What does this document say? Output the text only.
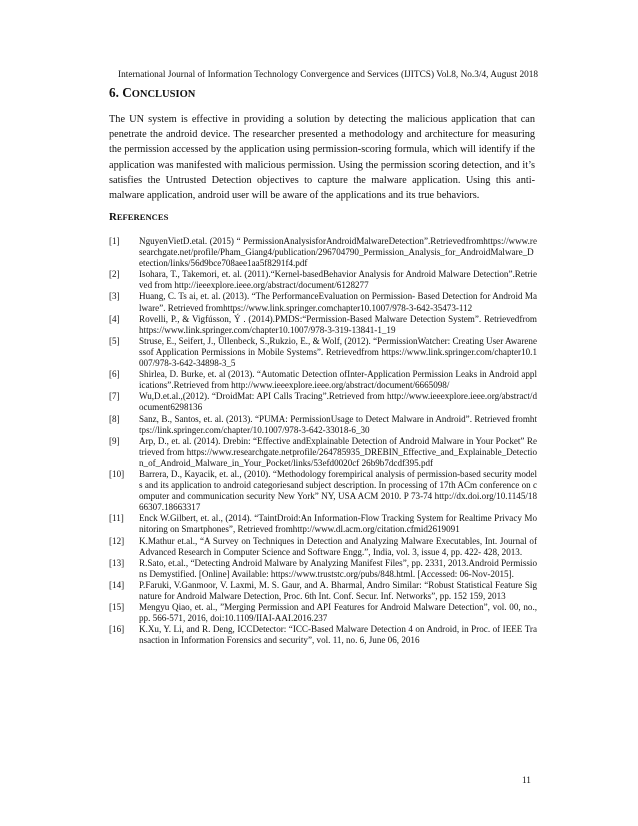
International Journal of Information Technology Convergence and Services (IJITCS) Vol.8, No.3/4, August 2018
6. CONCLUSION
The UN system is effective in providing a solution by detecting the malicious application that can penetrate the android device. The researcher presented a methodology and architecture for measuring the permission accessed by the application using permission-scoring formula, which will identify if the application was manifested with malicious permission. Using the permission scoring detection, and it’s satisfies the Untrusted Detection objectives to capture the malware application. Using this anti-malware application, android user will be aware of the applications and its true behaviors.
REFERENCES
[1] NguyenVietD.etal. (2015) “ PermissionAnalysisforAndroidMalwareDetection”.Retrievedfromhttps://www.researchgate.net/profile/Pham_Giang4/publication/296704790_Permission_Analysis_for_AndroidMalware_Detection/links/56d9bce708aee1aa5f8291f4.pdf
[2] Isohara, T., Takemori, et. al. (2011).“Kernel-basedBehavior Analysis for Android Malware Detection”.Retrieved from http://ieeexplore.ieee.org/abstract/document/6128277
[3] Huang, C. Ts ai, et. al. (2013). “The PerformanceEvaluation on Permission- Based Detection for Android Malware”. Retrieved fromhttps://www.link.springer.comchapter10.1007/978-3-642-35473-112
[4] Rovelli, P., & Vigfússon, Ý . (2014).PMDS:“Permission-Based Malware Detection System”. Retrievedfrom https://www.link.springer.com/chapter10.1007/978-3-319-13841-1_19
[5] Struse, E., Seifert, J., Üllenbeck, S.,Rukzio, E., & Wolf, (2012). “PermissionWatcher: Creating User Awarenessof Application Permissions in Mobile Systems”. Retrievedfrom https://www.link.springer.com/chapter10.1007/978-3-642-34898-3_5
[6] Shirlea, D. Burke, et. al (2013). “Automatic Detection ofInter-Application Permission Leaks in Android applications”.Retrieved from http://www.ieeexplore.ieee.org/abstract/document/6665098/
[7] Wu,D.et.al.,(2012). “DroidMat: API Calls Tracing”.Retrieved from http://www.ieeexplore.ieee.org/abstract/document6298136
[8] Sanz, B., Santos, et. al. (2013). “PUMA: PermissionUsage to Detect Malware in Android”. Retrieved fromhttps://link.springer.com/chapter/10.1007/978-3-642-33018-6_30
[9] Arp, D., et. al. (2014). Drebin: “Effective andExplainable Detection of Android Malware in Your Pocket” Retrieved from https://www.researchgate.netprofile/264785935_DREBIN_Effective_and_Explainable_Detection_of_Android_Malware_in_Your_Pocket/links/53efd0020cf 26b9b7dcdf395.pdf
[10] Barrera, D., Kayacik, et. al., (2010). “Methodology forempirical analysis of permission-based security models and its application to android categoriesand subject description. In processing of 17th ACm conference on computer and communication security New York” NY, USA ACM 2010. P 73-74 http://dx.doi.org/10.1145/1866307.18663317
[11] Enck W.Gilbert, et. al., (2014). “TaintDroid:An Information-Flow Tracking System for Realtime Privacy Monitoring on Smartphones”, Retrieved fromhttp://www.dl.acm.org/citation.cfmid2619091
[12] K.Mathur et.al., “A Survey on Techniques in Detection and Analyzing Malware Executables, Int. Journal of Advanced Research in Computer Science and Software Engg.”, India, vol. 3, issue 4, pp. 422- 428, 2013.
[13] R.Sato, et.al., “Detecting Android Malware by Analyzing Manifest Files”, pp. 2331, 2013.Android Permissions Demystified. [Online] Available: https://www.truststc.org/pubs/848.html. [Accessed: 06-Nov-2015].
[14] P.Faruki, V.Ganmoor, V. Laxmi, M. S. Gaur, and A. Bharmal, Andro Similar: “Robust Statistical Feature Signature for Android Malware Detection, Proc. 6th Int. Conf. Secur. Inf. Networks”, pp. 152 159, 2013
[15] Mengyu Qiao, et. al., ”Merging Permission and API Features for Android Malware Detection”, vol. 00, no., pp. 566-571, 2016, doi:10.1109/IIAI-AAI.2016.237
[16] K.Xu, Y. Li, and R. Deng, ICCDetector: “ICC-Based Malware Detection 4 on Android, in Proc. of IEEE Transaction in Information Forensics and security”, vol. 11, no. 6, June 06, 2016
11
